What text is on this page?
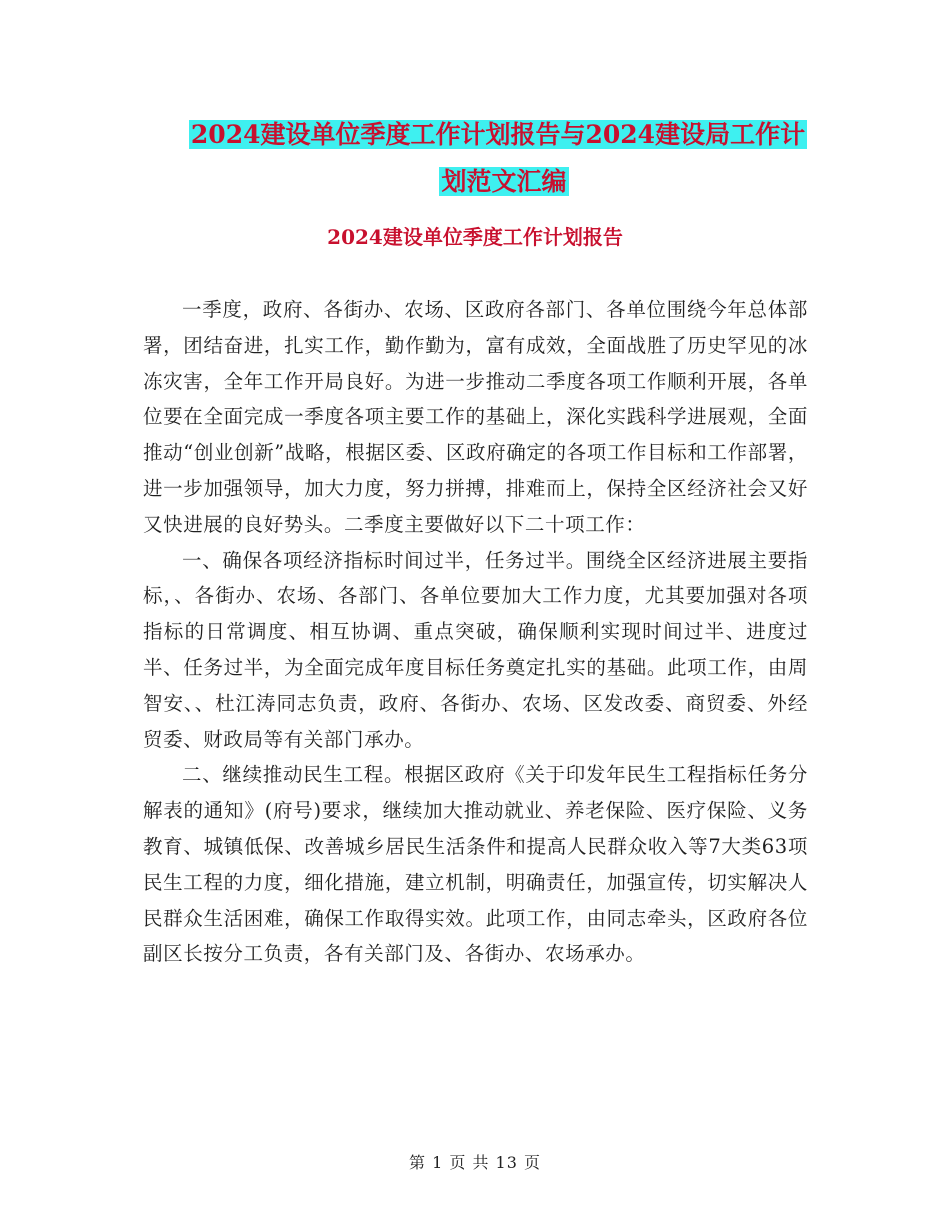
2024建设单位季度工作计划报告与2024建设局工作计
划范文汇编
2024建设单位季度工作计划报告

一季度，政府、各街办、农场、区政府各部门、各单位围绕今年总体部署，团结奋进，扎实工作，勤作勤为，富有成效，全面战胜了历史罕见的冰冻灾害，全年工作开局良好。为进一步推动二季度各项工作顺利开展，各单位要在全面完成一季度各项主要工作的基础上，深化实践科学进展观，全面推动“创业创新”战略，根据区委、区政府确定的各项工作目标和工作部署，进一步加强领导，加大力度，努力拼搏，排难而上，保持全区经济社会又好又快进展的良好势头。二季度主要做好以下二十项工作：

一、确保各项经济指标时间过半，任务过半。围绕全区经济进展主要指标，、各街办、农场、各部门、各单位要加大工作力度，尤其要加强对各项指标的日常调度、相互协调、重点突破，确保顺利实现时间过半、进度过半、任务过半，为全面完成年度目标任务奠定扎实的基础。此项工作，由周智安、、杜江涛同志负责，政府、各街办、农场、区发改委、商贸委、外经贸委、财政局等有关部门承办。

二、继续推动民生工程。根据区政府《关于印发年民生工程指标任务分解表的通知》(府号)要求，继续加大推动就业、养老保险、医疗保险、义务教育、城镇低保、改善城乡居民生活条件和提高人民群众收入等7大类63项民生工程的力度，细化措施，建立机制，明确责任，加强宣传，切实解决人民群众生活困难，确保工作取得实效。此项工作，由同志牵头，区政府各位副区长按分工负责，各有关部门及、各街办、农场承办。

第 1 页 共 13 页
